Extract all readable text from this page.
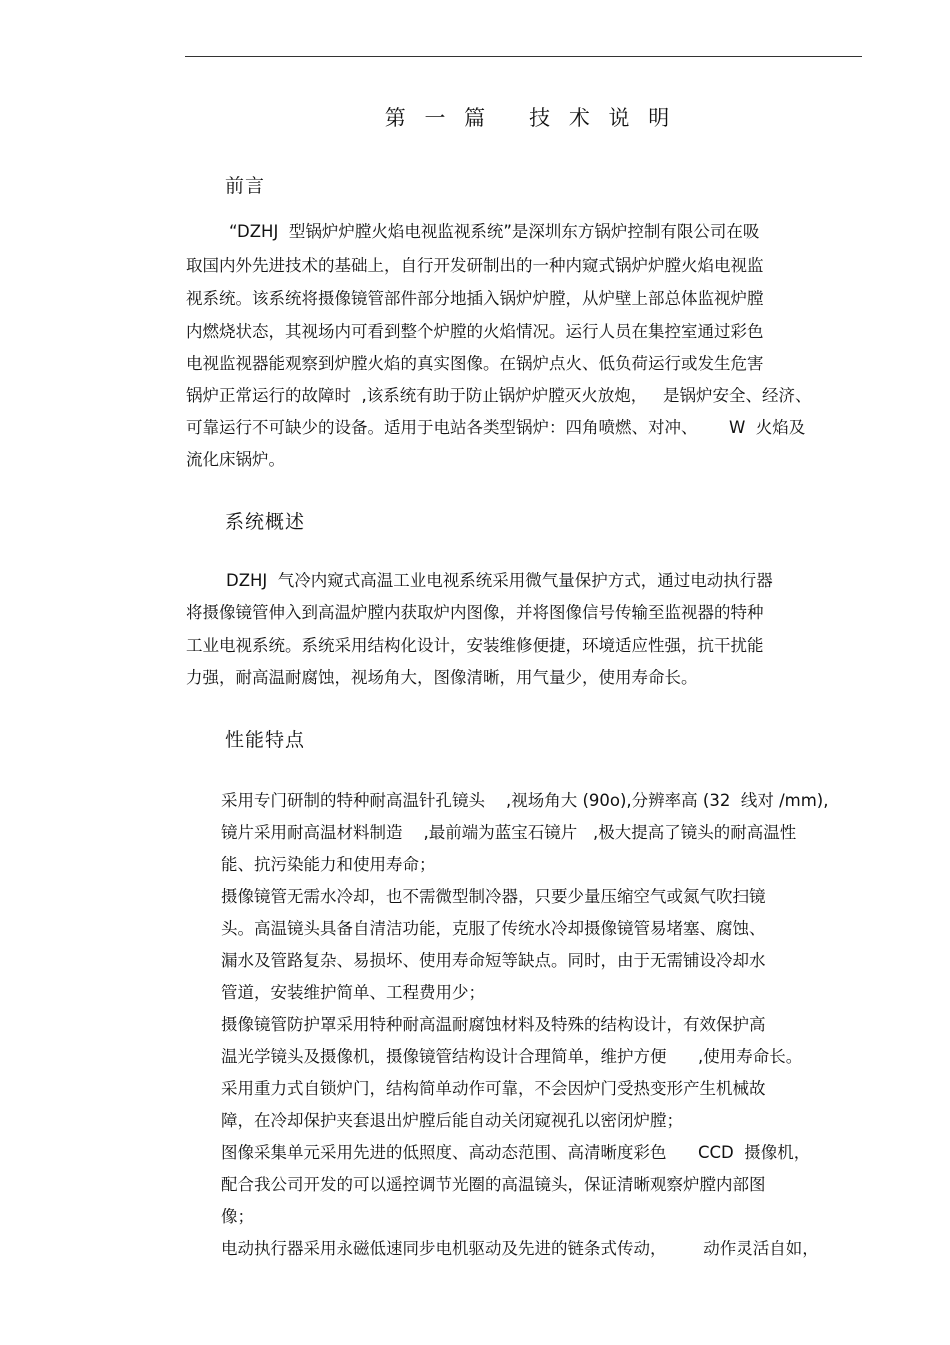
第 一 篇   技 术 说 明
前言
“DZHJ  型锅炉炉膛火焰电视监视系统”是深圳东方锅炉控制有限公司在吸
取国内外先进技术的基础上，自行开发研制出的一种内窥式锅炉炉膛火焰电视监
视系统。该系统将摄像镜管部件部分地插入锅炉炉膛，从炉壁上部总体监视炉膛
内燃烧状态，其视场内可看到整个炉膛的火焰情况。运行人员在集控室通过彩色
电视监视器能观察到炉膛火焰的真实图像。在锅炉点火、低负荷运行或发生危害
锅炉正常运行的故障时  ,该系统有助于防止锅炉炉膛灭火放炮，   是锅炉安全、经济、
可靠运行不可缺少的设备。适用于电站各类型锅炉：四角喷燃、对冲、      W  火焰及
流化床锅炉。
系统概述
DZHJ  气冷内窥式高温工业电视系统采用微气量保护方式，通过电动执行器
将摄像镜管伸入到高温炉膛内获取炉内图像，并将图像信号传输至监视器的特种
工业电视系统。系统采用结构化设计，安装维修便捷，环境适应性强，抗干扰能
力强，耐高温耐腐蚀，视场角大，图像清晰，用气量少，使用寿命长。
性能特点
采用专门研制的特种耐高温针孔镜头    ,视场角大 (90o),分辨率高 (32  线对 /mm),
镜片采用耐高温材料制造    ,最前端为蓝宝石镜片   ,极大提高了镜头的耐高温性
能、抗污染能力和使用寿命；
摄像镜管无需水冷却，也不需微型制冷器，只要少量压缩空气或氮气吹扫镜
头。高温镜头具备自清洁功能，克服了传统水冷却摄像镜管易堵塞、腐蚀、
漏水及管路复杂、易损坏、使用寿命短等缺点。同时，由于无需铺设冷却水
管道，安装维护简单、工程费用少；
摄像镜管防护罩采用特种耐高温耐腐蚀材料及特殊的结构设计，有效保护高
温光学镜头及摄像机，摄像镜管结构设计合理简单，维护方便      ,使用寿命长。
采用重力式自锁炉门，结构简单动作可靠，不会因炉门受热变形产生机械故
障，在冷却保护夹套退出炉膛后能自动关闭窥视孔以密闭炉膛；
图像采集单元采用先进的低照度、高动态范围、高清晰度彩色      CCD  摄像机，
配合我公司开发的可以遥控调节光圈的高温镜头，保证清晰观察炉膛内部图
像；
电动执行器采用永磁低速同步电机驱动及先进的链条式传动，       动作灵活自如，
